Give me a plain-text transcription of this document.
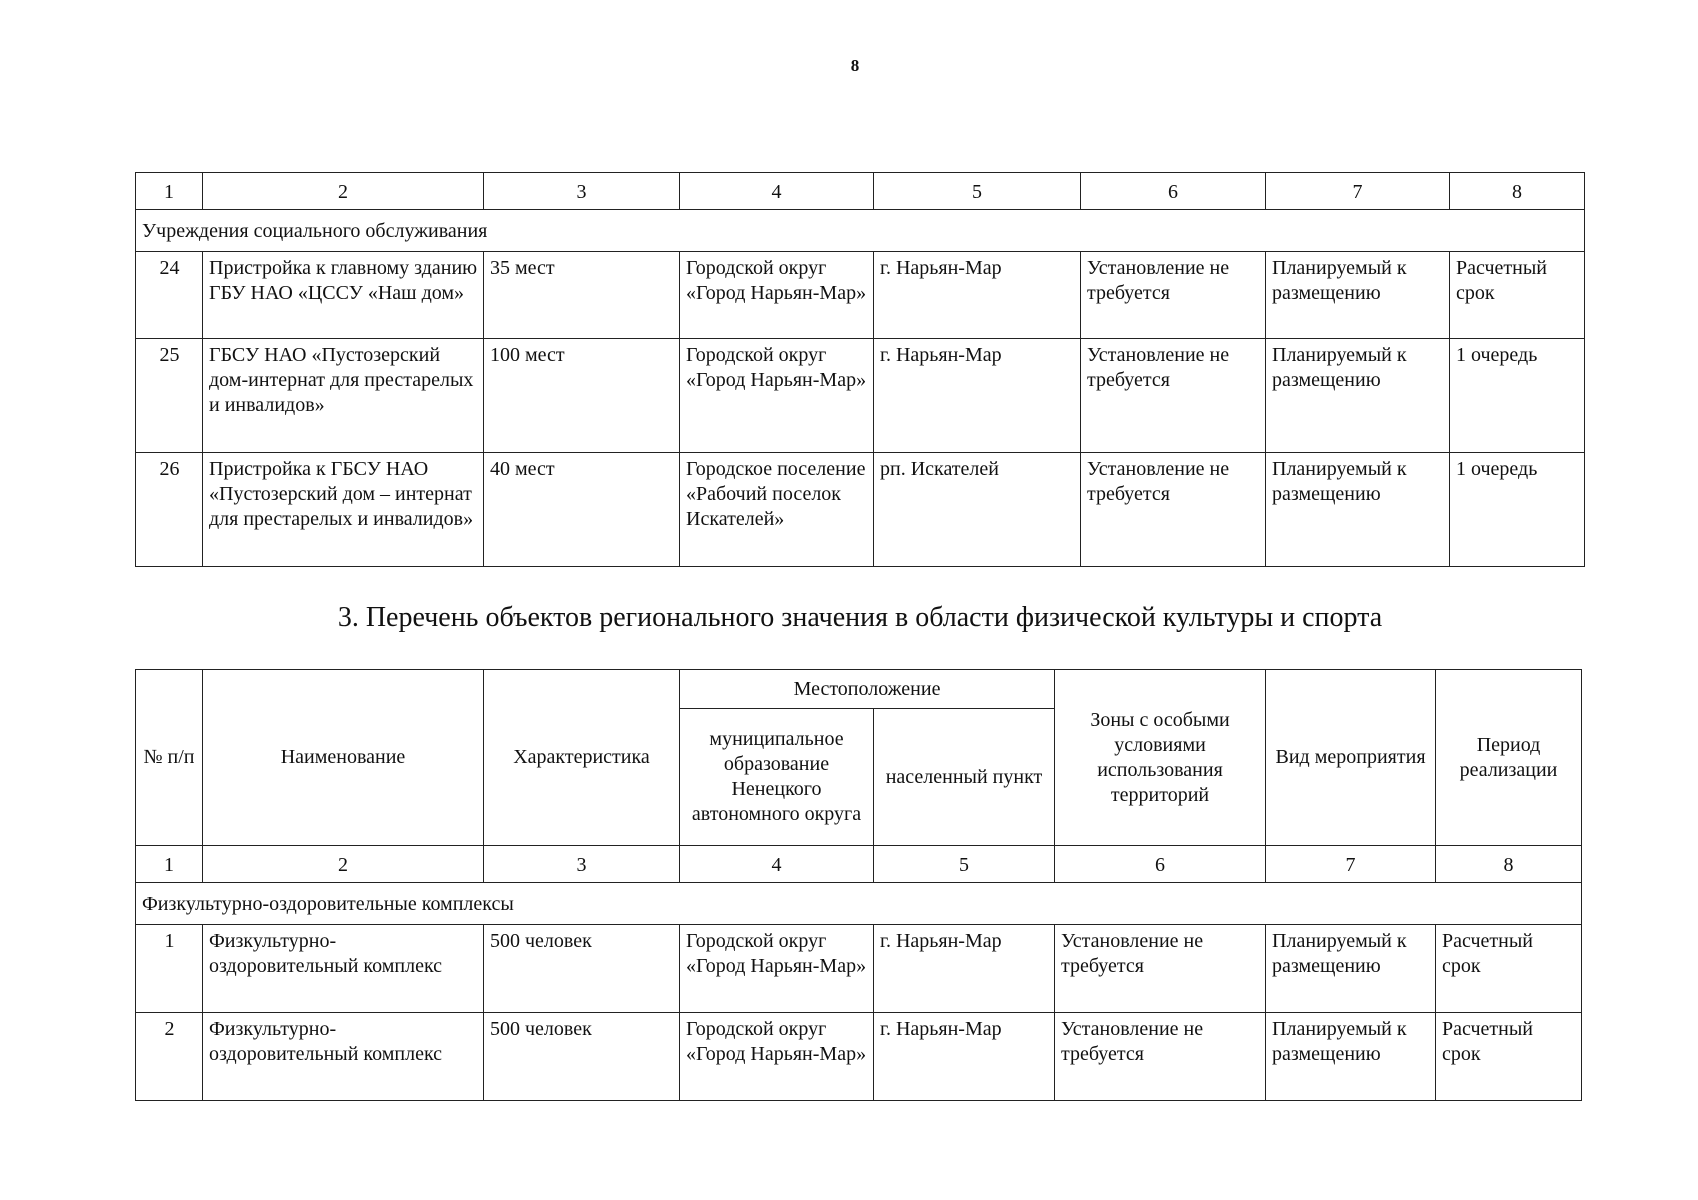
8
1	2	3	4	5	6	7	8
Учреждения социального обслуживания							
24	Пристройка к главному зданию ГБУ НАО «ЦССУ «Наш дом»	35 мест	Городской округ «Город Нарьян-Мар»	г. Нарьян-Мар	Установление не требуется	Планируемый к размещению	Расчетный срок
25	ГБСУ НАО «Пустозерский дом-интернат для престарелых и инвалидов»	100 мест	Городской округ «Город Нарьян-Мар»	г. Нарьян-Мар	Установление не требуется	Планируемый к размещению	1 очередь
26	Пристройка к ГБСУ НАО «Пустозерский дом – интернат для престарелых и инвалидов»	40 мест	Городское поселение «Рабочий поселок Искателей»	рп. Искателей	Установление не требуется	Планируемый к размещению	1 очередь
3. Перечень объектов регионального значения в области физической культуры и спорта
№ п/п	Наименование	Характеристика	Местоположение		Зоны с особыми условиями использования территорий	Вид мероприятия	Период реализации
			муниципальное образование Ненецкого автономного округа	населенный пункт			
1	2	3	4	5	6	7	8
Физкультурно-оздоровительные комплексы							
1	Физкультурно-оздоровительный комплекс	500 человек	Городской округ «Город Нарьян-Мар»	г. Нарьян-Мар	Установление не требуется	Планируемый к размещению	Расчетный срок
2	Физкультурно-оздоровительный комплекс	500 человек	Городской округ «Город Нарьян-Мар»	г. Нарьян-Мар	Установление не требуется	Планируемый к размещению	Расчетный срок
